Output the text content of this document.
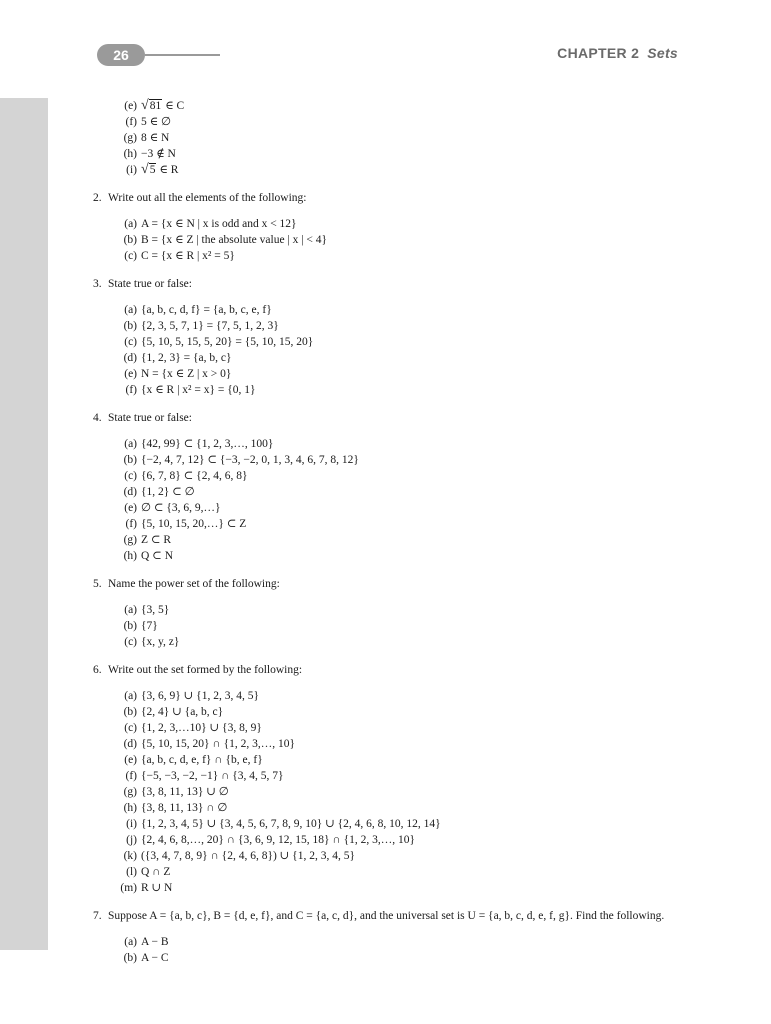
26	CHAPTER 2 Sets
(e) √81 ∈ C
(f) 5 ∈ ∅
(g) 8 ∈ N
(h) −3 ∉ N
(i) √5 ∈ R
2. Write out all the elements of the following:
(a) A = {x ∈ N | x is odd and x < 12}
(b) B = {x ∈ Z | the absolute value | x | < 4}
(c) C = {x ∈ R | x² = 5}
3. State true or false:
(a) {a, b, c, d, f} = {a, b, c, e, f}
(b) {2, 3, 5, 7, 1} = {7, 5, 1, 2, 3}
(c) {5, 10, 5, 15, 5, 20} = {5, 10, 15, 20}
(d) {1, 2, 3} = {a, b, c}
(e) N = {x ∈ Z | x > 0}
(f) {x ∈ R | x² = x} = {0, 1}
4. State true or false:
(a) {42, 99} ⊂ {1, 2, 3,…, 100}
(b) {−2, 4, 7, 12} ⊂ {−3, −2, 0, 1, 3, 4, 6, 7, 8, 12}
(c) {6, 7, 8} ⊂ {2, 4, 6, 8}
(d) {1, 2} ⊂ ∅
(e) ∅ ⊂ {3, 6, 9,…}
(f) {5, 10, 15, 20,…} ⊂ Z
(g) Z ⊂ R
(h) Q ⊂ N
5. Name the power set of the following:
(a) {3, 5}
(b) {7}
(c) {x, y, z}
6. Write out the set formed by the following:
(a) {3, 6, 9} ∪ {1, 2, 3, 4, 5}
(b) {2, 4} ∪ {a, b, c}
(c) {1, 2, 3,…10} ∪ {3, 8, 9}
(d) {5, 10, 15, 20} ∩ {1, 2, 3,…, 10}
(e) {a, b, c, d, e, f} ∩ {b, e, f}
(f) {−5, −3, −2, −1} ∩ {3, 4, 5, 7}
(g) {3, 8, 11, 13} ∪ ∅
(h) {3, 8, 11, 13} ∩ ∅
(i) {1, 2, 3, 4, 5} ∪ {3, 4, 5, 6, 7, 8, 9, 10} ∪ {2, 4, 6, 8, 10, 12, 14}
(j) {2, 4, 6, 8,…, 20} ∩ {3, 6, 9, 12, 15, 18} ∩ {1, 2, 3,…, 10}
(k) ({3, 4, 7, 8, 9} ∩ {2, 4, 6, 8}) ∪ {1, 2, 3, 4, 5}
(l) Q ∩ Z
(m) R ∪ N
7. Suppose A = {a, b, c}, B = {d, e, f}, and C = {a, c, d}, and the universal set is U = {a, b, c, d, e, f, g}. Find the following.
(a) A − B
(b) A − C
